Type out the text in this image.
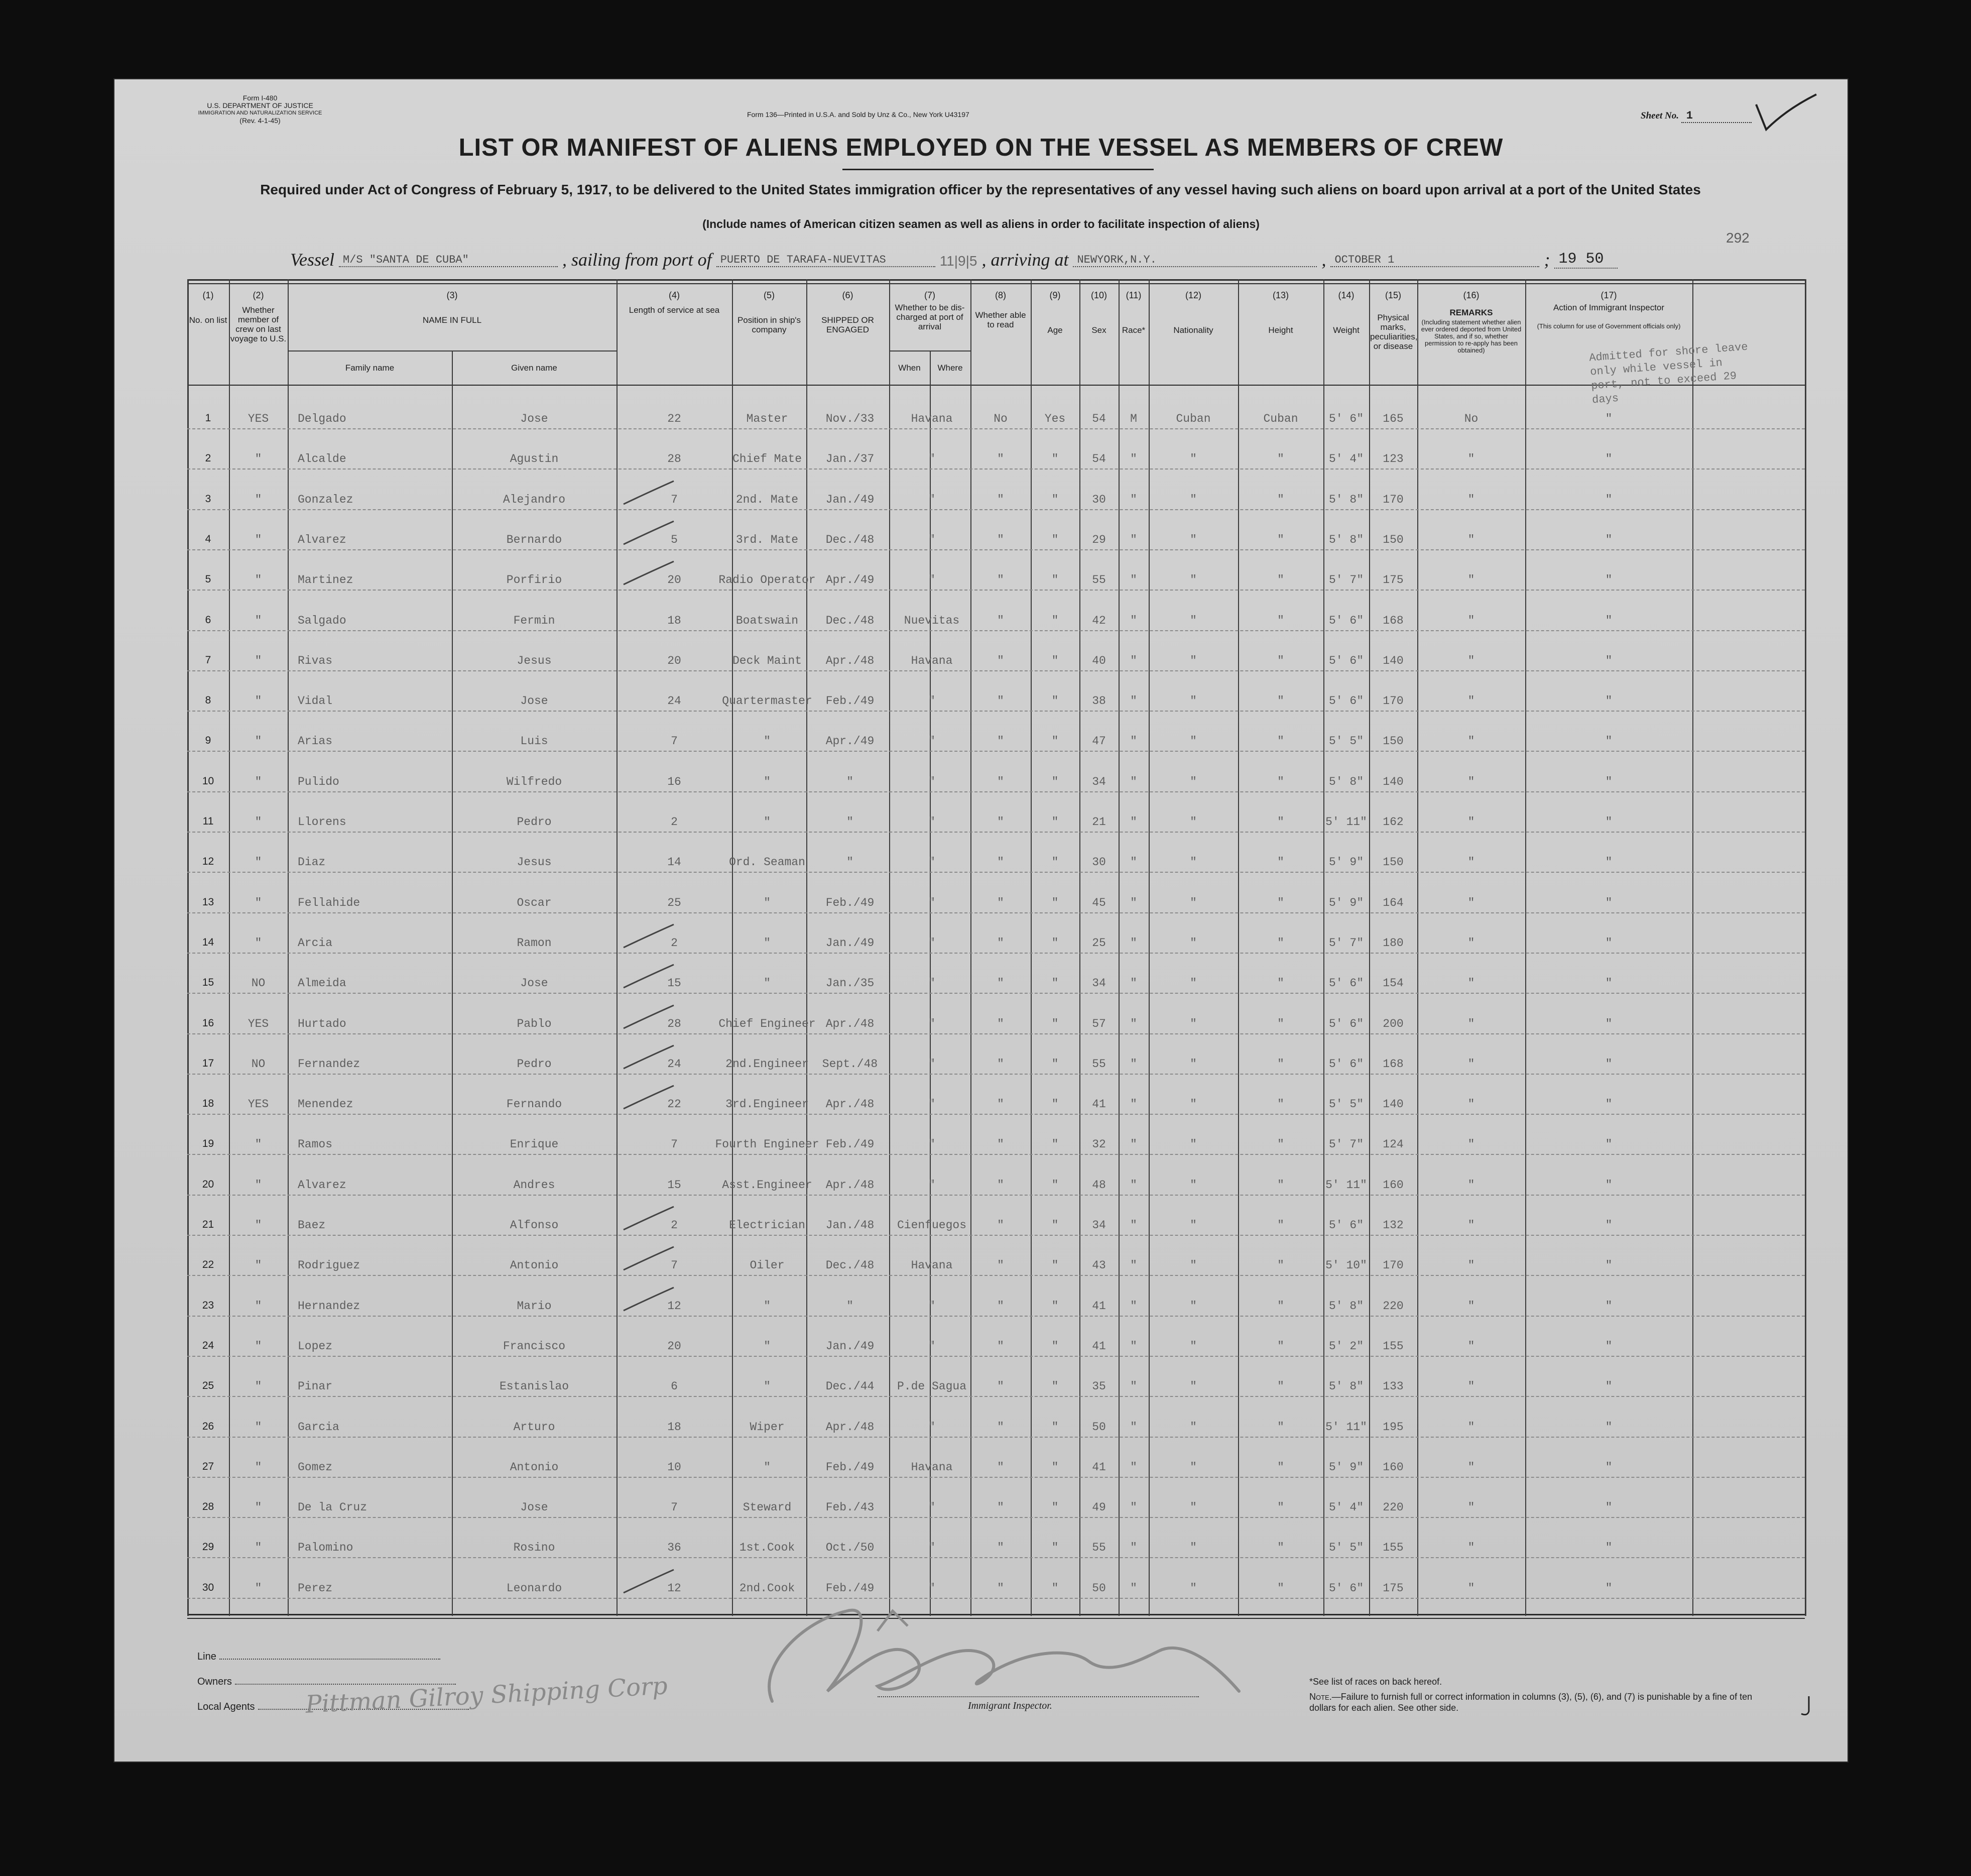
Form I-480
U.S. DEPARTMENT OF JUSTICE
IMMIGRATION AND NATURALIZATION SERVICE
(Rev. 4-1-45)
Form 136—Printed in U.S.A. and Sold by Unz & Co., New York U43197	Sheet No. 1
LIST OR MANIFEST OF ALIENS EMPLOYED ON THE VESSEL AS MEMBERS OF CREW
Required under Act of Congress of February 5, 1917, to be delivered to the United States immigration officer by the representatives of any vessel having such aliens on board upon arrival at a port of the United States
(Include names of American citizen seamen as well as aliens in order to facilitate inspection of aliens)
292
Vessel M/S "SANTA DE CUBA"	, sailing from port of PUERTO DE TARAFA-NUEVITAS	11|9|5 , arriving at NEWYORK,N.Y.	, OCTOBER 1	; 19 50
(1)
No. on list
(2)
Whether member of crew on last voyage to U.S.
(3)
NAME IN FULL
Family name	Given name
(4)
Length of service at sea
(5)
Position in ship's company
(6)
SHIPPED OR ENGAGED
When	Where
(7)
Whether to be dis-charged at port of arrival
(8)
Whether able to read
(9)
Age
(10)
Sex
(11)
Race*
(12)
Nationality
(13)
Height
(14)
Weight
(15)
Physical marks, peculiarities, or disease
(16)
REMARKS
(Including statement whether alien ever ordered deported from United States, and if so, whether permission to re-apply has been obtained)
(17)
Action of Immigrant Inspector
(This column for use of Government officials only)
1	YES	Delgado	Jose	22	Master	Nov./33	Havana	No	Yes	54	M	Cuban	Cuban	5' 6"	165	No	"
2	"	Alcalde	Agustin	28	Chief Mate	Jan./37	"	"	"	54	"	"	"	5' 4"	123	"	"
3	"	Gonzalez	Alejandro	7	2nd. Mate	Jan./49	"	"	"	30	"	"	"	5' 8"	170	"	"
4	"	Alvarez	Bernardo	5	3rd. Mate	Dec./48	"	"	"	29	"	"	"	5' 8"	150	"	"
5	"	Martinez	Porfirio	20	Radio Operator Apr./49	"	"	"	55	"	"	"	5' 7"	175	"	"
6	"	Salgado	Fermin	18	Boatswain	Dec./48	Nuevitas	"	"	42	"	"	"	5' 6"	168	"	"
7	"	Rivas	Jesus	20	Deck Maint	Apr./48	Havana	"	"	40	"	"	"	5' 6"	140	"	"
8	"	Vidal	Jose	24	Quartermaster	Feb./49	"	"	"	38	"	"	"	5' 6"	170	"	"
9	"	Arias	Luis	7	"	Apr./49	"	"	"	47	"	"	"	5' 5"	150	"	"
10	"	Pulido	Wilfredo	16	"	"	"	"	"	34	"	"	"	5' 8"	140	"	"
11	"	Llorens	Pedro	2	"	"	"	"	"	21	"	"	"	5' 11"	162	"	"
12	"	Diaz	Jesus	14	Ord. Seaman	"	"	"	"	30	"	"	"	5' 9"	150	"	"
13	"	Fellahide	Oscar	25	"	Feb./49	"	"	"	45	"	"	"	5' 9"	164	"	"
14	"	Arcia	Ramon	2	"	Jan./49	"	"	"	25	"	"	"	5' 7"	180	"	"
15	NO	Almeida	Jose	15	"	Jan./35	"	"	"	34	"	"	"	5' 6"	154	"	"
16	YES	Hurtado	Pablo	28	Chief Engineer Apr./48	"	"	"	57	"	"	"	5' 6"	200	"	"
17	NO	Fernandez	Pedro	24	2nd.Engineer	Sept./48	"	"	"	55	"	"	"	5' 6"	168	"	"
18	YES	Menendez	Fernando	22	3rd.Engineer	Apr./48	"	"	"	41	"	"	"	5' 5"	140	"	"
19	"	Ramos	Enrique	7	Fourth Engineer Feb./49	"	"	"	32	"	"	"	5' 7"	124	"	"
20	"	Alvarez	Andres	15	Asst.Engineer	Apr./48	"	"	"	48	"	"	"	5' 11"	160	"	"
21	"	Baez	Alfonso	2	Electrician	Jan./48	Cienfuegos	"	"	34	"	"	"	5' 6"	132	"	"
22	"	Rodriguez	Antonio	7	Oiler	Dec./48	Havana	"	"	43	"	"	"	5' 10"	170	"	"
23	"	Hernandez	Mario	12	"	"	"	"	"	41	"	"	"	5' 8"	220	"	"
24	"	Lopez	Francisco	20	"	Jan./49	"	"	"	41	"	"	"	5' 2"	155	"	"
25	"	Pinar	Estanislao	6	"	Dec./44	P.de Sagua	"	"	35	"	"	"	5' 8"	133	"	"
26	"	Garcia	Arturo	18	Wiper	Apr./48	"	"	"	50	"	"	"	5' 11"	195	"	"
27	"	Gomez	Antonio	10	"	Feb./49	Havana	"	"	41	"	"	"	5' 9"	160	"	"
28	"	De la Cruz	Jose	7	Steward	Feb./43	"	"	"	49	"	"	"	5' 4"	220	"	"
29	"	Palomino	Rosino	36	1st.Cook	Oct./50	"	"	"	55	"	"	"	5' 5"	155	"	"
30	"	Perez	Leonardo	12	2nd.Cook	Feb./49	"	"	"	50	"	"	"	5' 6"	175	"	"
Admitted for shore leave only while vessel in port, not to exceed 29 days
Line
Owners
Local Agents	Pittman Gilroy Shipping Corp	Immigrant Inspector.
*See list of races on back hereof.
Note.—Failure to furnish full or correct information in columns (3), (5), (6), and (7) is punishable by a fine of ten dollars for each alien. See other side.
